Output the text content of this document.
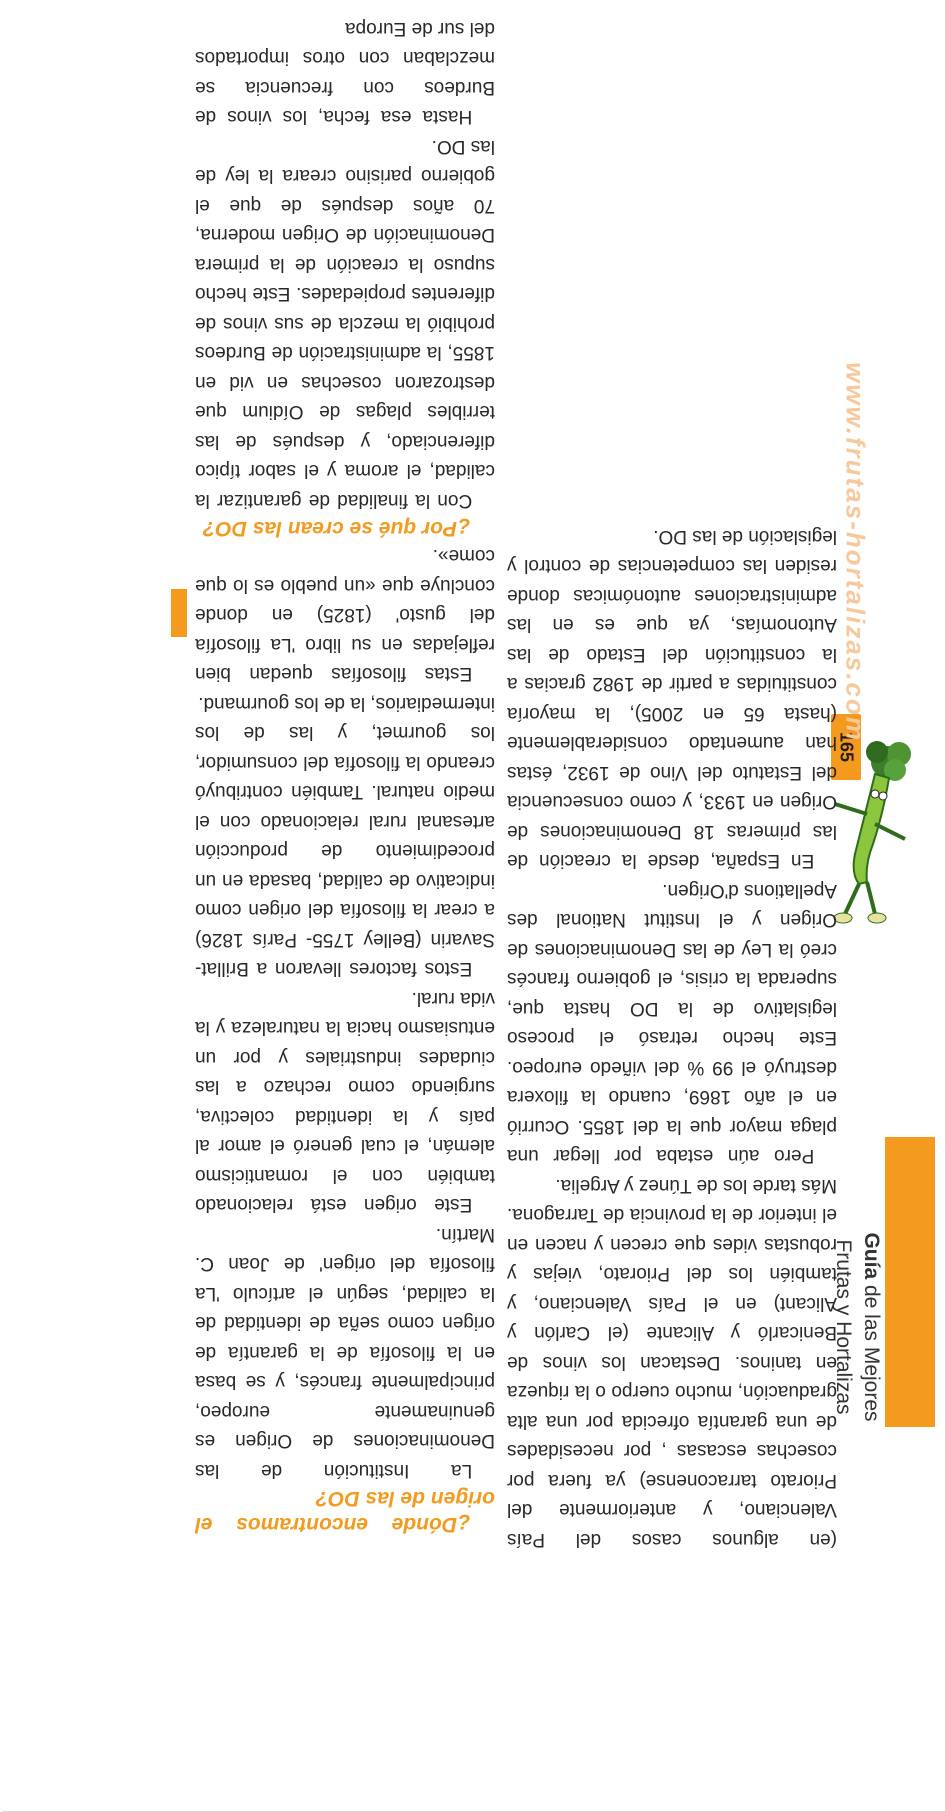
Guía de las Mejores
Frutas y Hortalizas
165
www.frutas-hortalizas.com

¿Dónde encontramos el origen de las DO?

La Institución de las Denominaciones de Origen es genuinamente europeo, principalmente francés, y se basa en la filosofía de la garantía de origen como seña de identidad de la calidad, según el artículo 'La filosofía del origen' de Joan C. Martín.

Este origen está relacionado también con el romanticismo alemán, el cual generó el amor al país y la identidad colectiva, surgiendo como rechazo a las ciudades industriales y por un entusiasmo hacia la naturaleza y la vida rural.

Estos factores llevaron a Brillat-Savarin (Belley 1755- París 1826) a crear la filosofía del origen como indicativo de calidad, basada en un procedimiento de producción artesanal rural relacionado con el medio natural. También contribuyó creando la filosofía del consumidor, los gourmet, y las de los intermediarios, la de los gourmand.

Estas filosofías quedan bien reflejadas en su libro 'La filosofía del gusto' (1825) en donde concluye que «un pueblo es lo que come».

¿Por qué se crean las DO?

Con la finalidad de garantizar la calidad, el aroma y el sabor típico diferenciado, y después de las terribles plagas de Oídium que destrozaron cosechas en vid en 1855, la administración de Burdeos prohibió la mezcla de sus vinos de diferentes propiedades. Este hecho supuso la creación de la primera Denominación de Origen moderna, 70 años después de que el gobierno parisino creara la ley de las DO.

Hasta esa fecha, los vinos de Burdeos con frecuencia se mezclaban con otros importados del sur de Europa

(en algunos casos del País Valenciano, y anteriormente del Priorato tarraconense) ya fuera por cosechas escasas , por necesidades de una garantía ofrecida por una alta graduación, mucho cuerpo o la riqueza en taninos. Destacan los vinos de Benicarló y Alicante (el Carlón y Alicant) en el País Valenciano, y también los del Priorato, viejas y robustas vides que crecen y nacen en el interior de la provincia de Tarragona. Más tarde los de Túnez y Argelia.

Pero aún estaba por llegar una plaga mayor que la del 1855. Ocurrió en el año 1869, cuando la filoxera destruyó el 99 % del viñedo europeo. Este hecho retrasó el proceso legislativo de la DO hasta que, superada la crisis, el gobierno francés creó la Ley de las Denominaciones de Origen y el Institut National des Apellations d'Origen.

En España, desde la creación de las primeras 18 Denominaciones de Origen en 1933, y como consecuencia del Estatuto del Vino de 1932, éstas han aumentado considerablemente (hasta 65 en 2005), la mayoría constituidas a partir de 1982 gracias a la constitución del Estado de las Autonomías, ya que es en las administraciones autonómicas donde residen las competencias de control y legislación de las DO.
